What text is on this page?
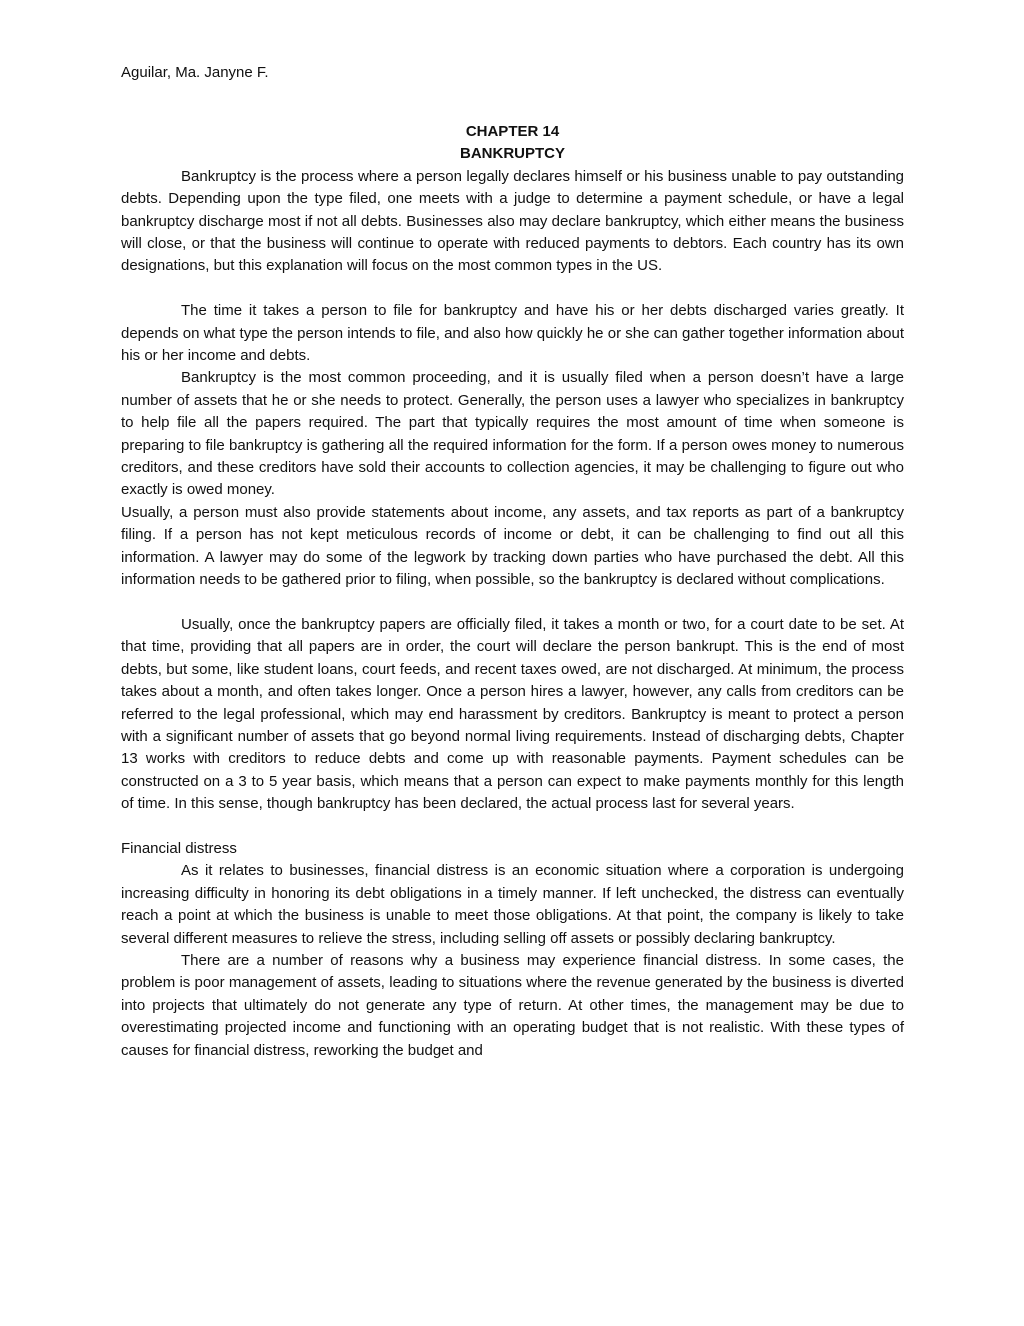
Aguilar, Ma. Janyne F.
CHAPTER 14
BANKRUPTCY

Bankruptcy is the process where a person legally declares himself or his business unable to pay outstanding debts. Depending upon the type filed, one meets with a judge to determine a payment schedule, or have a legal bankruptcy discharge most if not all debts. Businesses also may declare bankruptcy, which either means the business will close, or that the business will continue to operate with reduced payments to debtors. Each country has its own designations, but this explanation will focus on the most common types in the US.

The time it takes a person to file for bankruptcy and have his or her debts discharged varies greatly. It depends on what type the person intends to file, and also how quickly he or she can gather together information about his or her income and debts.

Bankruptcy is the most common proceeding, and it is usually filed when a person doesn’t have a large number of assets that he or she needs to protect. Generally, the person uses a lawyer who specializes in bankruptcy to help file all the papers required. The part that typically requires the most amount of time when someone is preparing to file bankruptcy is gathering all the required information for the form. If a person owes money to numerous creditors, and these creditors have sold their accounts to collection agencies, it may be challenging to figure out who exactly is owed money.

Usually, a person must also provide statements about income, any assets, and tax reports as part of a bankruptcy filing. If a person has not kept meticulous records of income or debt, it can be challenging to find out all this information. A lawyer may do some of the legwork by tracking down parties who have purchased the debt. All this information needs to be gathered prior to filing, when possible, so the bankruptcy is declared without complications.

Usually, once the bankruptcy papers are officially filed, it takes a month or two, for a court date to be set. At that time, providing that all papers are in order, the court will declare the person bankrupt. This is the end of most debts, but some, like student loans, court feeds, and recent taxes owed, are not discharged. At minimum, the process takes about a month, and often takes longer. Once a person hires a lawyer, however, any calls from creditors can be referred to the legal professional, which may end harassment by creditors. Bankruptcy is meant to protect a person with a significant number of assets that go beyond normal living requirements. Instead of discharging debts, Chapter 13 works with creditors to reduce debts and come up with reasonable payments. Payment schedules can be constructed on a 3 to 5 year basis, which means that a person can expect to make payments monthly for this length of time. In this sense, though bankruptcy has been declared, the actual process last for several years.

Financial distress

As it relates to businesses, financial distress is an economic situation where a corporation is undergoing increasing difficulty in honoring its debt obligations in a timely manner. If left unchecked, the distress can eventually reach a point at which the business is unable to meet those obligations. At that point, the company is likely to take several different measures to relieve the stress, including selling off assets or possibly declaring bankruptcy.

There are a number of reasons why a business may experience financial distress. In some cases, the problem is poor management of assets, leading to situations where the revenue generated by the business is diverted into projects that ultimately do not generate any type of return. At other times, the management may be due to overestimating projected income and functioning with an operating budget that is not realistic. With these types of causes for financial distress, reworking the budget and
